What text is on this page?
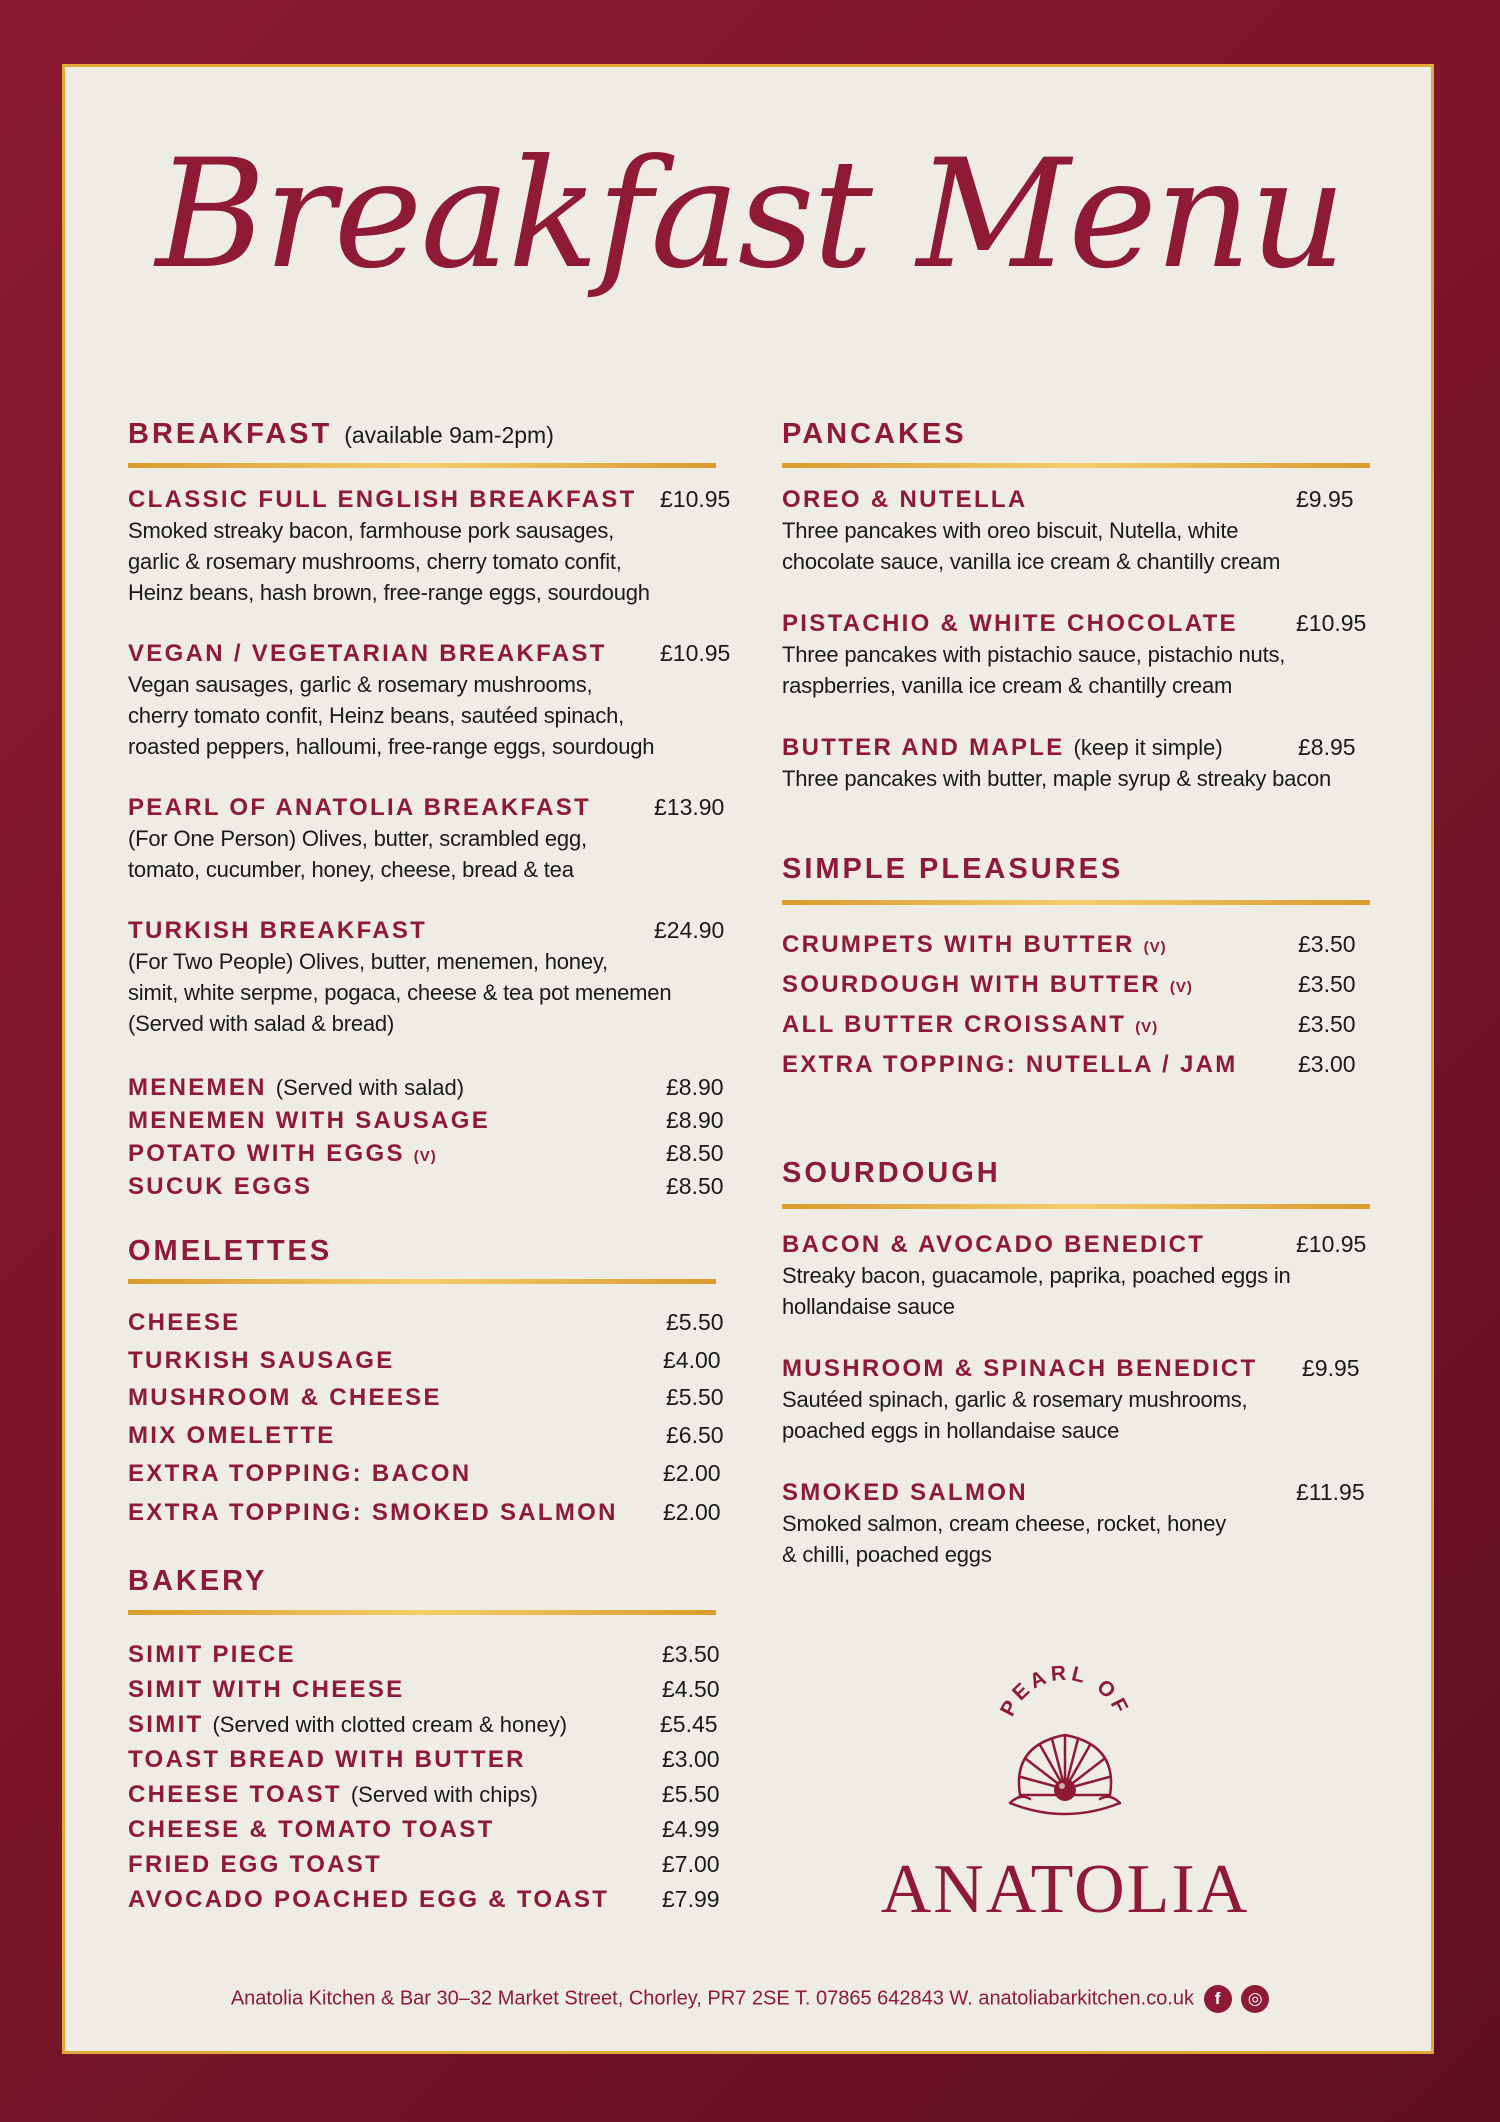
Breakfast Menu
BREAKFAST (available 9am-2pm)
CLASSIC FULL ENGLISH BREAKFAST	£10.95
Smoked streaky bacon, farmhouse pork sausages,
garlic & rosemary mushrooms, cherry tomato confit,
Heinz beans, hash brown, free-range eggs, sourdough
VEGAN / VEGETARIAN BREAKFAST	£10.95
Vegan sausages, garlic & rosemary mushrooms,
cherry tomato confit, Heinz beans, sautéed spinach,
roasted peppers, halloumi, free-range eggs, sourdough
PEARL OF ANATOLIA BREAKFAST	£13.90
(For One Person) Olives, butter, scrambled egg,
tomato, cucumber, honey, cheese, bread & tea
TURKISH BREAKFAST	£24.90
(For Two People) Olives, butter, menemen, honey,
simit, white serpme, pogaca, cheese & tea pot menemen
(Served with salad & bread)
MENEMEN (Served with salad)	£8.90
MENEMEN WITH SAUSAGE	£8.90
POTATO WITH EGGS (V)	£8.50
SUCUK EGGS	£8.50
OMELETTES
CHEESE	£5.50
TURKISH SAUSAGE	£4.00
MUSHROOM & CHEESE	£5.50
MIX OMELETTE	£6.50
EXTRA TOPPING: BACON	£2.00
EXTRA TOPPING: SMOKED SALMON	£2.00
BAKERY
SIMIT PIECE	£3.50
SIMIT WITH CHEESE	£4.50
SIMIT (Served with clotted cream & honey)	£5.45
TOAST BREAD WITH BUTTER	£3.00
CHEESE TOAST (Served with chips)	£5.50
CHEESE & TOMATO TOAST	£4.99
FRIED EGG TOAST	£7.00
AVOCADO POACHED EGG & TOAST	£7.99
PANCAKES
OREO & NUTELLA	£9.95
Three pancakes with oreo biscuit, Nutella, white
chocolate sauce, vanilla ice cream & chantilly cream
PISTACHIO & WHITE CHOCOLATE	£10.95
Three pancakes with pistachio sauce, pistachio nuts,
raspberries, vanilla ice cream & chantilly cream
BUTTER AND MAPLE (keep it simple)	£8.95
Three pancakes with butter, maple syrup & streaky bacon
SIMPLE PLEASURES
CRUMPETS WITH BUTTER (V)	£3.50
SOURDOUGH WITH BUTTER (V)	£3.50
ALL BUTTER CROISSANT (V)	£3.50
EXTRA TOPPING: NUTELLA / JAM	£3.00
SOURDOUGH
BACON & AVOCADO BENEDICT	£10.95
Streaky bacon, guacamole, paprika, poached eggs in
hollandaise sauce
MUSHROOM & SPINACH BENEDICT	£9.95
Sautéed spinach, garlic & rosemary mushrooms,
poached eggs in hollandaise sauce
SMOKED SALMON	£11.95
Smoked salmon, cream cheese, rocket, honey
& chilli, poached eggs
PEARL OF
ANATOLIA
Anatolia Kitchen & Bar 30–32 Market Street, Chorley, PR7 2SE T. 07865 642843 W. anatoliabarkitchen.co.uk f ◎
